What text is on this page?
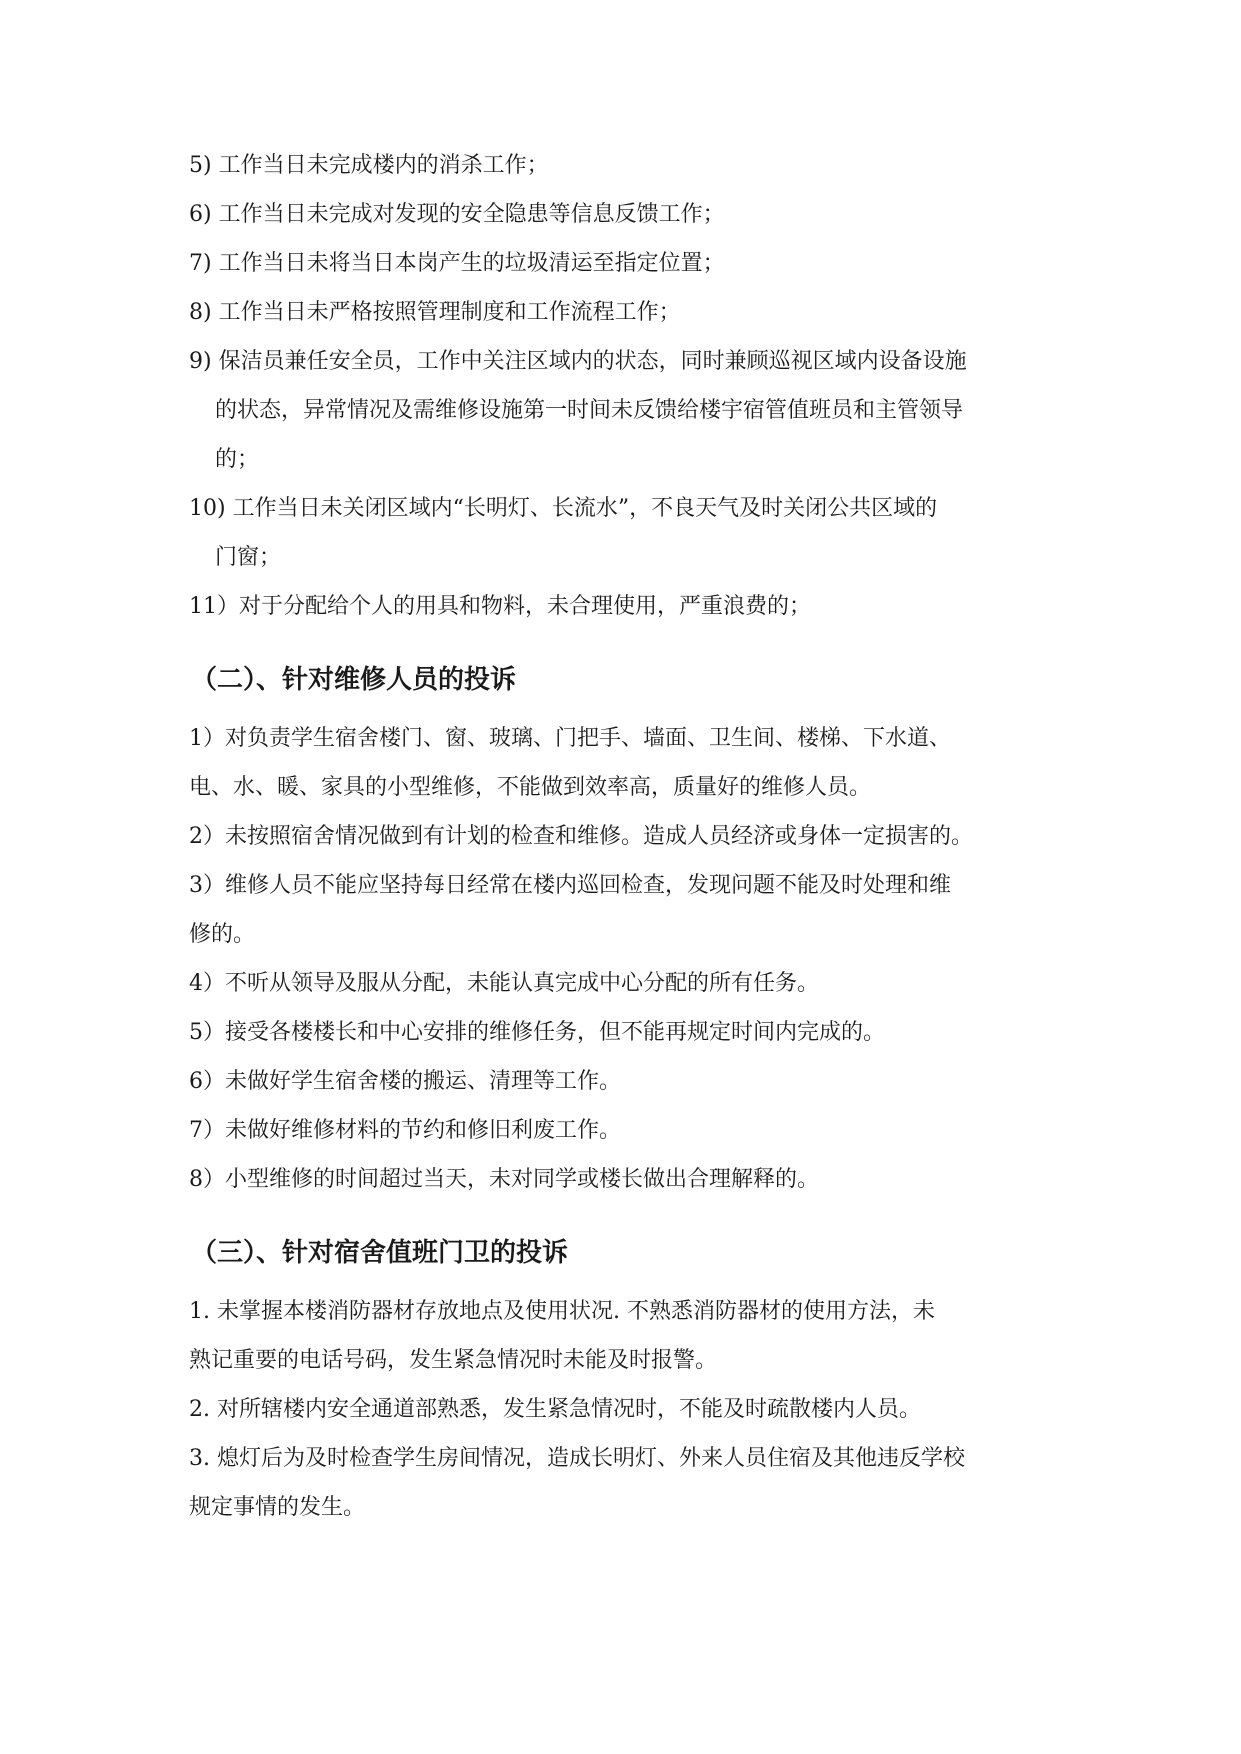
5) 工作当日未完成楼内的消杀工作；
6) 工作当日未完成对发现的安全隐患等信息反馈工作；
7) 工作当日未将当日本岗产生的垃圾清运至指定位置；
8) 工作当日未严格按照管理制度和工作流程工作；
9) 保洁员兼任安全员，工作中关注区域内的状态，同时兼顾巡视区域内设备设施
的状态，异常情况及需维修设施第一时间未反馈给楼宇宿管值班员和主管领导
的；
10) 工作当日未关闭区域内“长明灯、长流水”，不良天气及时关闭公共区域的
门窗；
11）对于分配给个人的用具和物料，未合理使用，严重浪费的；
（二）、针对维修人员的投诉
1）对负责学生宿舍楼门、窗、玻璃、门把手、墙面、卫生间、楼梯、下水道、
电、水、暖、家具的小型维修，不能做到效率高，质量好的维修人员。
2）未按照宿舍情况做到有计划的检查和维修。造成人员经济或身体一定损害的。
3）维修人员不能应坚持每日经常在楼内巡回检查，发现问题不能及时处理和维
修的。
4）不听从领导及服从分配，未能认真完成中心分配的所有任务。
5）接受各楼楼长和中心安排的维修任务，但不能再规定时间内完成的。
6）未做好学生宿舍楼的搬运、清理等工作。
7）未做好维修材料的节约和修旧利废工作。
8）小型维修的时间超过当天，未对同学或楼长做出合理解释的。
（三）、针对宿舍值班门卫的投诉
1. 未掌握本楼消防器材存放地点及使用状况. 不熟悉消防器材的使用方法，未
熟记重要的电话号码，发生紧急情况时未能及时报警。
2. 对所辖楼内安全通道部熟悉，发生紧急情况时，不能及时疏散楼内人员。
3. 熄灯后为及时检查学生房间情况，造成长明灯、外来人员住宿及其他违反学校
规定事情的发生。
